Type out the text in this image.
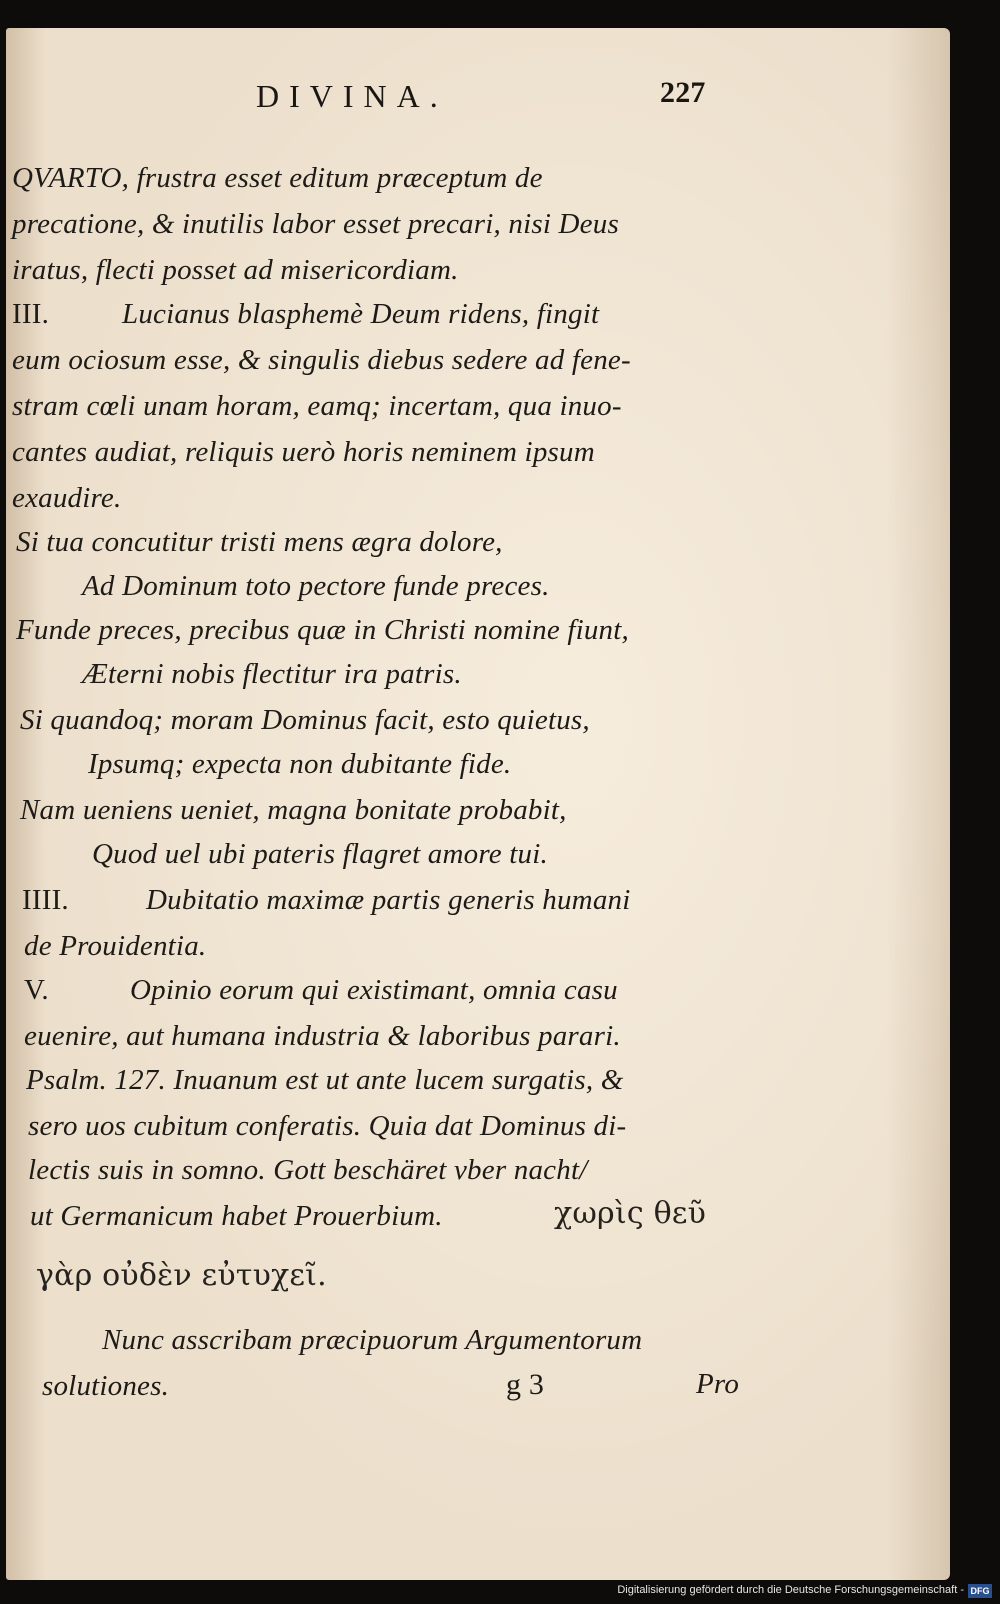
DIVINA.	227
QVARTO, frustra esset editum præceptum de
precatione, & inutilis labor esset precari, nisi Deus
iratus, flecti posset ad misericordiam.
III.	Lucianus blasphemè Deum ridens, fingit
eum ociosum esse, & singulis diebus sedere ad fene-
stram cœli unam horam, eamq; incertam, qua inuo-
cantes audiat, reliquis uerò horis neminem ipsum
exaudire.
Si tua concutitur tristi mens ægra dolore,
Ad Dominum toto pectore funde preces.
Funde preces, precibus quæ in Christi nomine fiunt,
Æterni nobis flectitur ira patris.
Si quandoq; moram Dominus facit, esto quietus,
Ipsumq; expecta non dubitante fide.
Nam ueniens ueniet, magna bonitate probabit,
Quod uel ubi pateris flagret amore tui.
IIII.	Dubitatio maximæ partis generis humani
de Prouidentia.
V.	Opinio eorum qui existimant, omnia casu
euenire, aut humana industria & laboribus parari.
Psalm. 127. Inuanum est ut ante lucem surgatis, &
sero uos cubitum conferatis. Quia dat Dominus di-
lectis suis in somno. Gott beschäret vber nacht/
ut Germanicum habet Prouerbium.	χωρὶς θεῦ
γὰρ οὐδὲν εὐτυχεῖ.
Nunc asscribam præcipuorum Argumentorum
solutiones.	g 3	Pro
Digitalisierung gefördert durch die Deutsche Forschungsgemeinschaft - DFG
